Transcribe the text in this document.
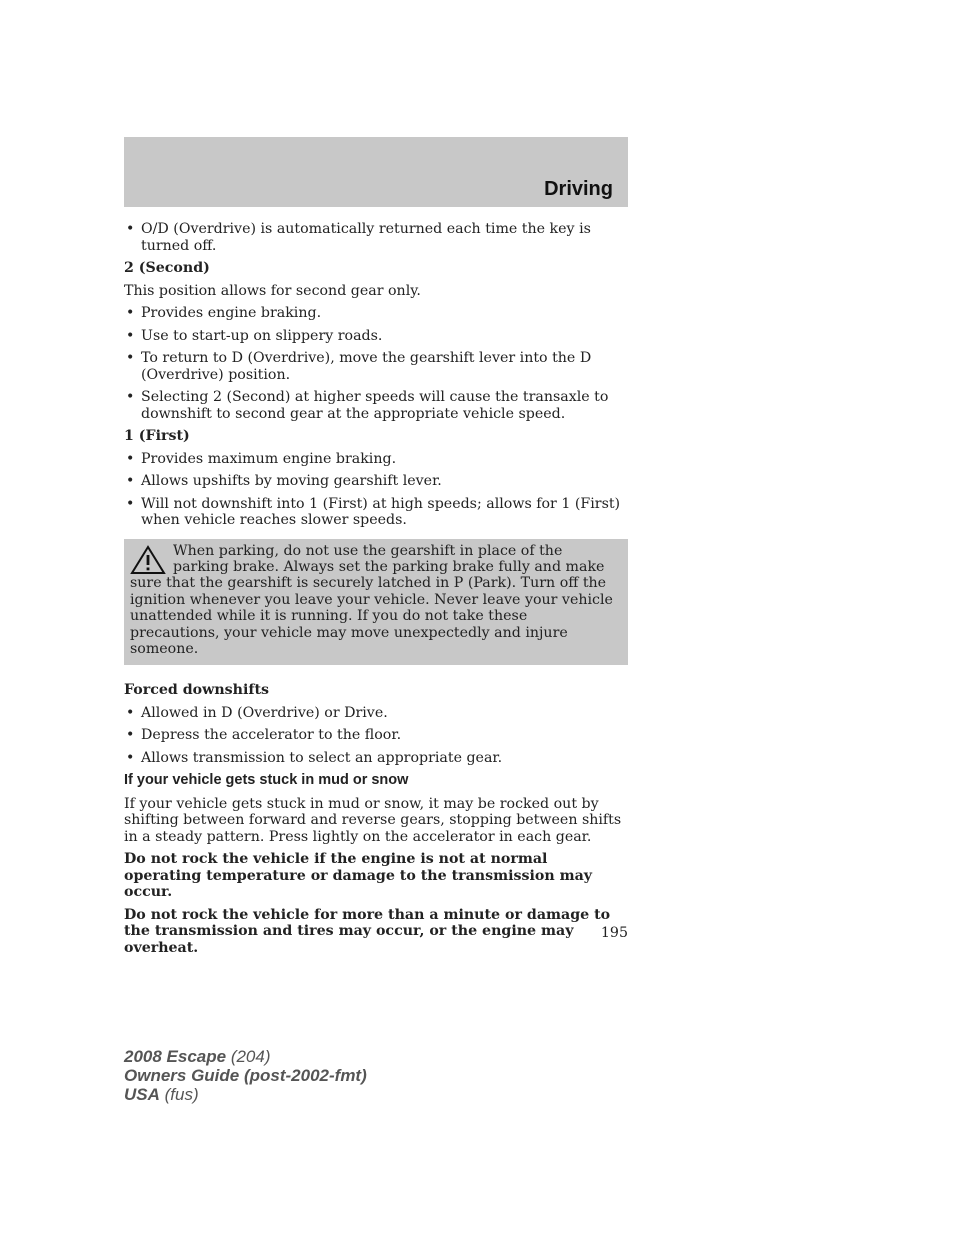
Driving
• O/D (Overdrive) is automatically returned each time the key is turned off.
2 (Second)
This position allows for second gear only.
• Provides engine braking.
• Use to start-up on slippery roads.
• To return to D (Overdrive), move the gearshift lever into the D (Overdrive) position.
• Selecting 2 (Second) at higher speeds will cause the transaxle to downshift to second gear at the appropriate vehicle speed.
1 (First)
• Provides maximum engine braking.
• Allows upshifts by moving gearshift lever.
• Will not downshift into 1 (First) at high speeds; allows for 1 (First) when vehicle reaches slower speeds.
When parking, do not use the gearshift in place of the parking brake. Always set the parking brake fully and make sure that the gearshift is securely latched in P (Park). Turn off the ignition whenever you leave your vehicle. Never leave your vehicle unattended while it is running. If you do not take these precautions, your vehicle may move unexpectedly and injure someone.
Forced downshifts
• Allowed in D (Overdrive) or Drive.
• Depress the accelerator to the floor.
• Allows transmission to select an appropriate gear.
If your vehicle gets stuck in mud or snow
If your vehicle gets stuck in mud or snow, it may be rocked out by shifting between forward and reverse gears, stopping between shifts in a steady pattern. Press lightly on the accelerator in each gear.
Do not rock the vehicle if the engine is not at normal operating temperature or damage to the transmission may occur.
Do not rock the vehicle for more than a minute or damage to the transmission and tires may occur, or the engine may overheat.
195
2008 Escape (204)
Owners Guide (post-2002-fmt)
USA (fus)
